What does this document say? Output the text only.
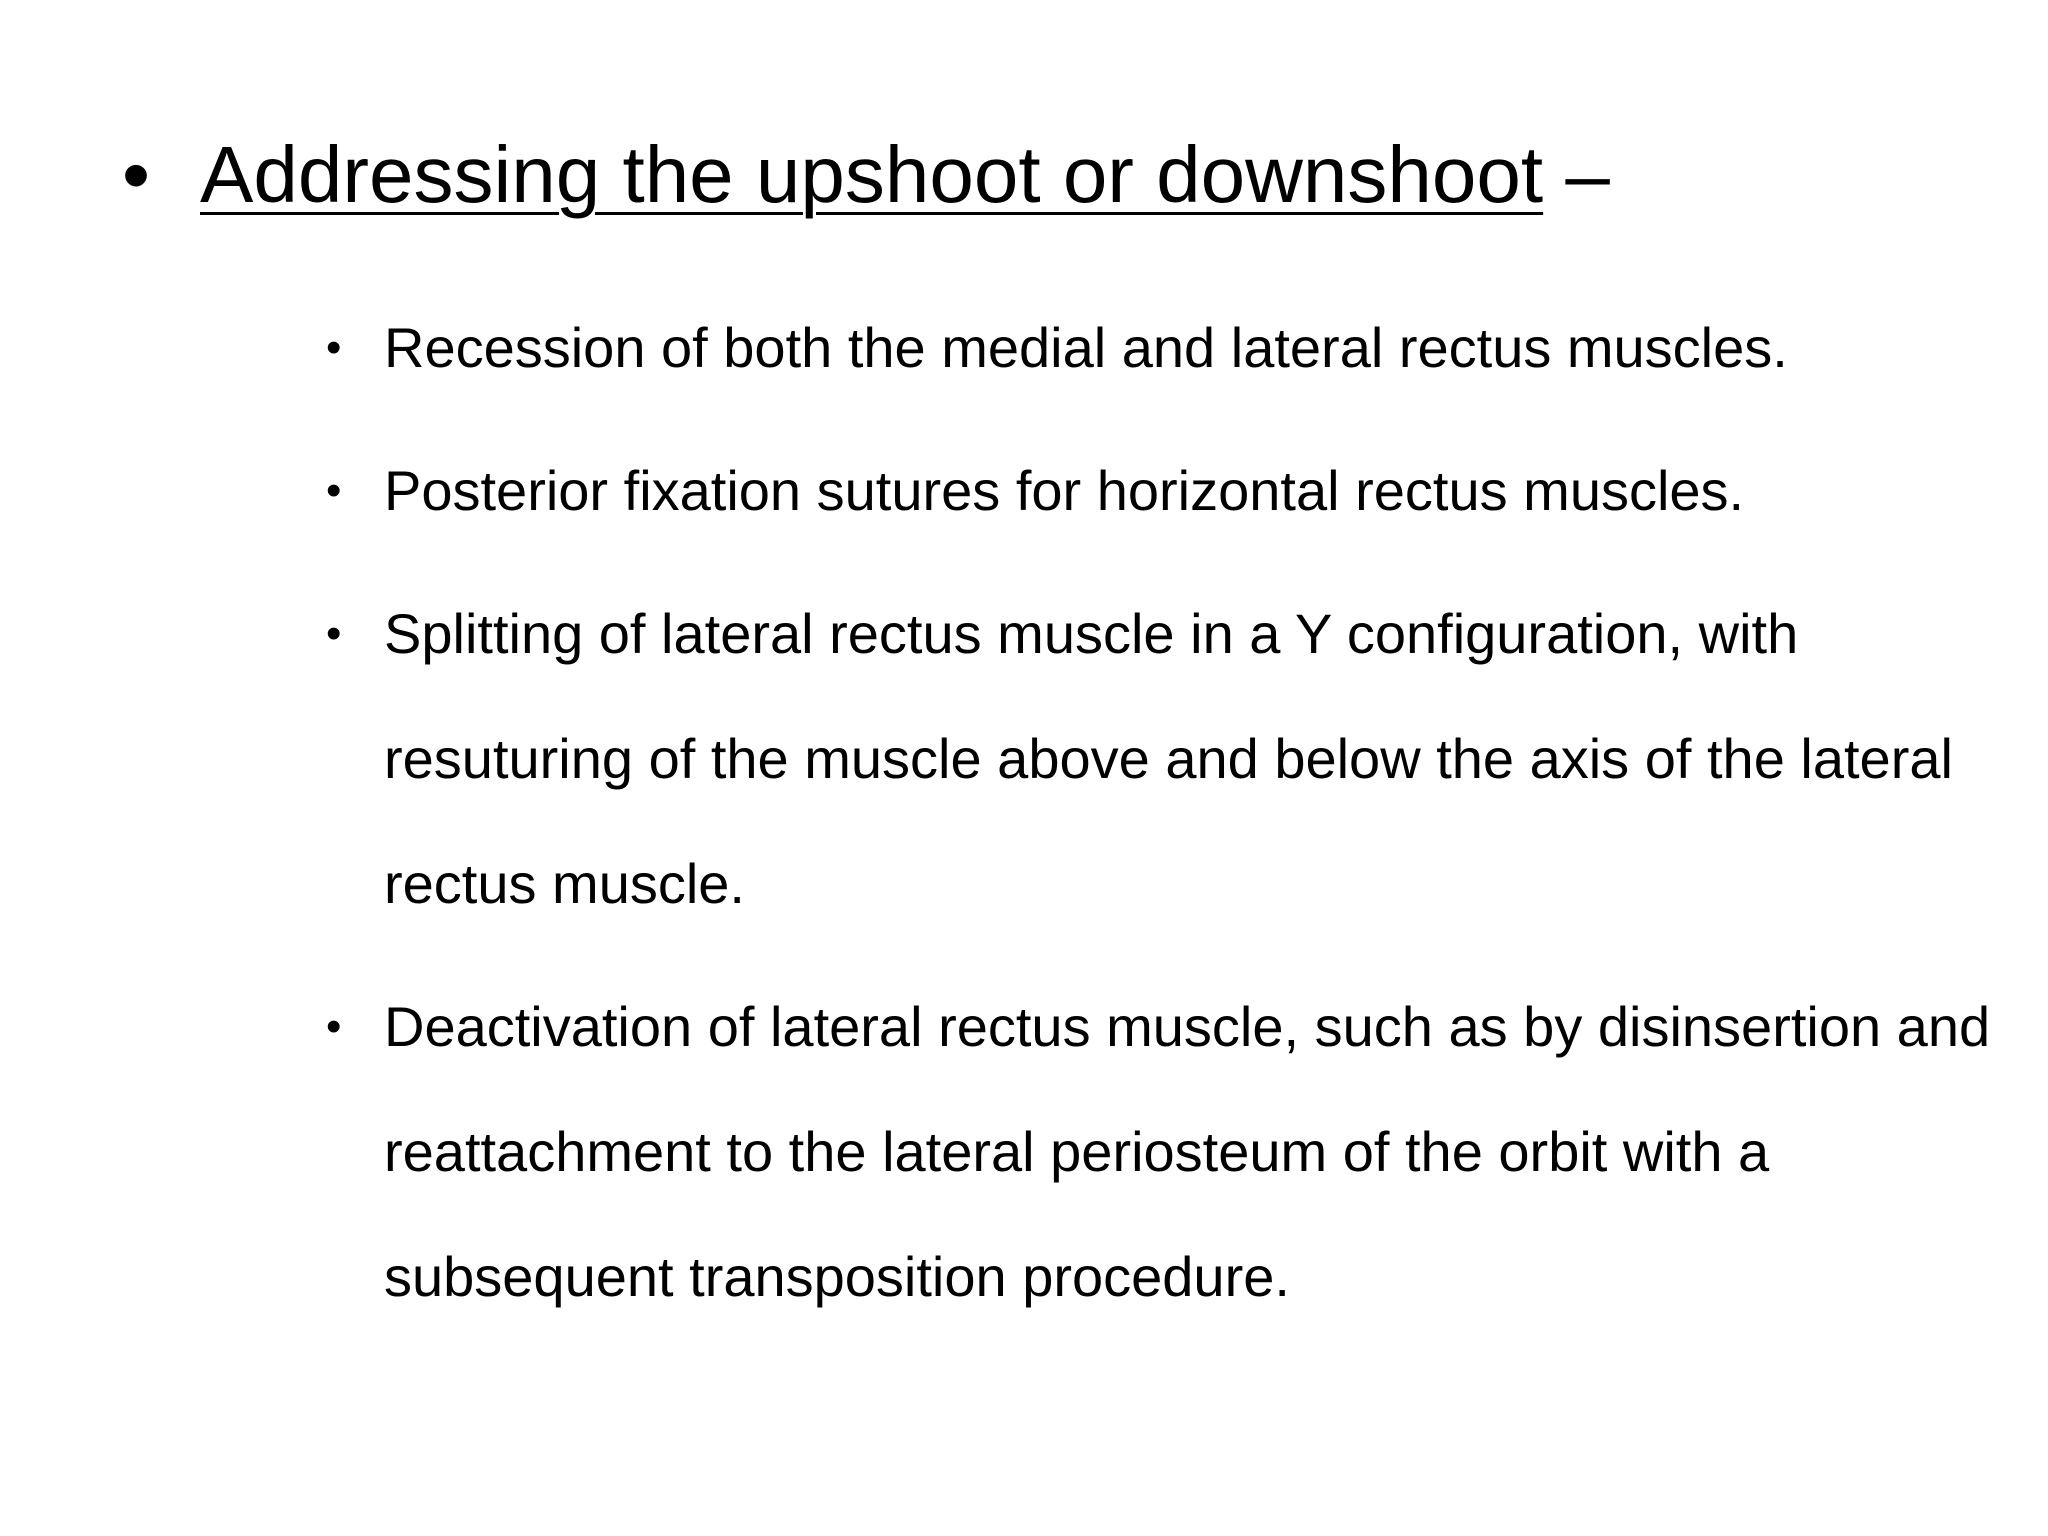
• Addressing the upshoot or downshoot –
• Recession of both the medial and lateral rectus muscles.
• Posterior fixation sutures for horizontal rectus muscles.
• Splitting of lateral rectus muscle in a Y configuration, with resuturing of the muscle above and below the axis of the lateral rectus muscle.
• Deactivation of lateral rectus muscle, such as by disinsertion and reattachment to the lateral periosteum of the orbit with a subsequent transposition procedure.
